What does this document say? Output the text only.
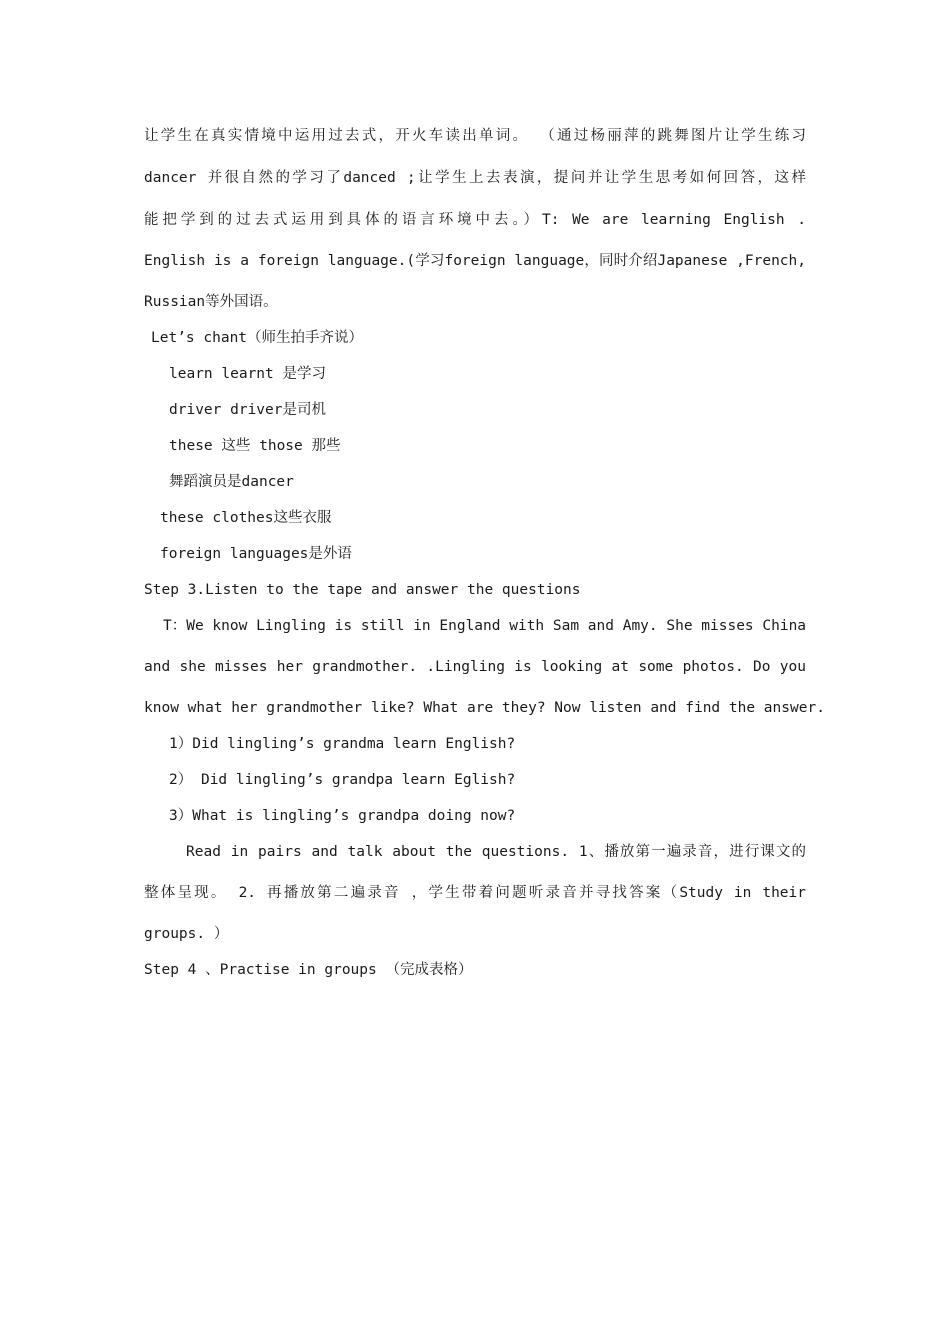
让学生在真实情境中运用过去式，开火车读出单词。 （通过杨丽萍的跳舞图片让学生练习
dancer 并很自然的学习了danced ;让学生上去表演，提问并让学生思考如何回答，这样
能把学到的过去式运用到具体的语言环境中去。）T: We are learning English .
English is a foreign language.(学习foreign language，同时介绍Japanese ,French,
Russian等外国语。
Let’s chant（师生拍手齐说）
learn learnt 是学习
driver driver是司机
these 这些 those 那些
舞蹈演员是dancer
these clothes这些衣服
foreign languages是外语
Step 3.Listen to the tape and answer the questions
T：We know Lingling is still in England with Sam and Amy. She misses China
and she misses her grandmother. .Lingling is looking at some photos. Do you
know what her grandmother like? What are they? Now listen and find the answer.
1）Did lingling’s grandma learn English?
2） Did lingling’s grandpa learn Eglish?
3）What is lingling’s grandpa doing now?
Read in pairs and talk about the questions. 1、播放第一遍录音，进行课文的
整体呈现。 2. 再播放第二遍录音 ，学生带着问题听录音并寻找答案（Study in their
groups. ）
Step 4 、Practise in groups （完成表格）
